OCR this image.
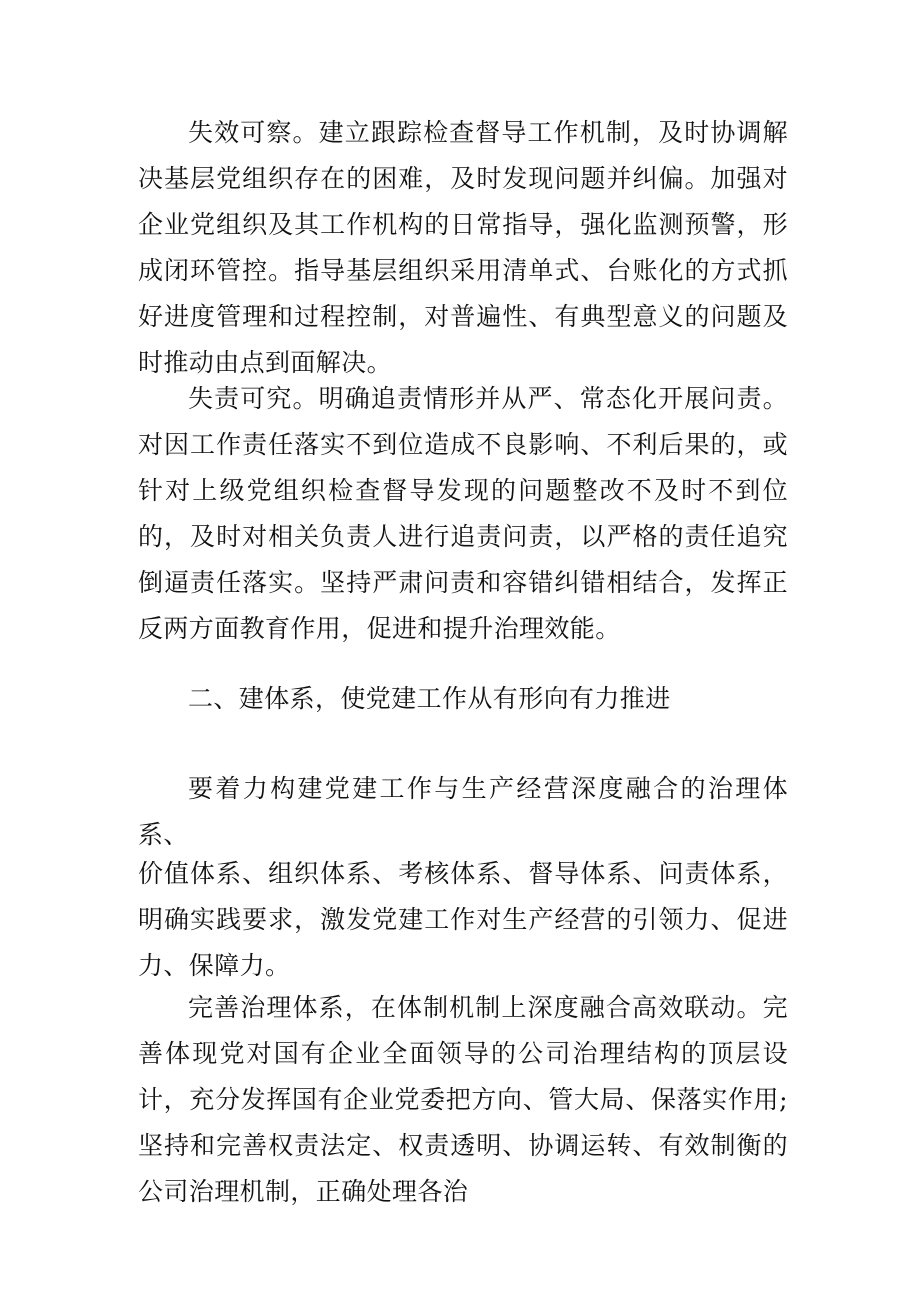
失效可察。建立跟踪检查督导工作机制，及时协调解决基层党组织存在的困难，及时发现问题并纠偏。加强对企业党组织及其工作机构的日常指导，强化监测预警，形成闭环管控。指导基层组织采用清单式、台账化的方式抓好进度管理和过程控制，对普遍性、有典型意义的问题及时推动由点到面解决。

失责可究。明确追责情形并从严、常态化开展问责。对因工作责任落实不到位造成不良影响、不利后果的，或针对上级党组织检查督导发现的问题整改不及时不到位的，及时对相关负责人进行追责问责，以严格的责任追究倒逼责任落实。坚持严肃问责和容错纠错相结合，发挥正反两方面教育作用，促进和提升治理效能。

二、建体系，使党建工作从有形向有力推进

要着力构建党建工作与生产经营深度融合的治理体系、

价值体系、组织体系、考核体系、督导体系、问责体系，明确实践要求，激发党建工作对生产经营的引领力、促进力、保障力。

完善治理体系，在体制机制上深度融合高效联动。完善体现党对国有企业全面领导的公司治理结构的顶层设计，充分发挥国有企业党委把方向、管大局、保落实作用;坚持和完善权责法定、权责透明、协调运转、有效制衡的公司治理机制，正确处理各治
